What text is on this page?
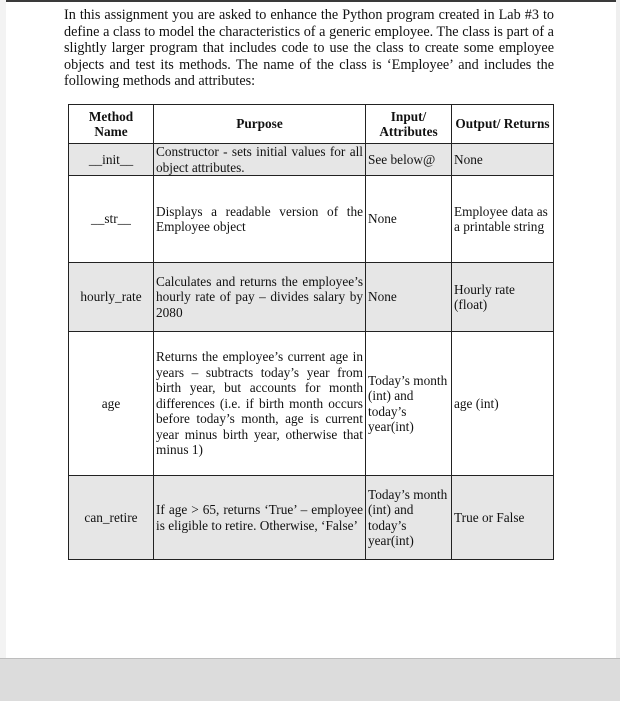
In this assignment you are asked to enhance the Python program created in Lab #3 to define a class to model the characteristics of a generic employee. The class is part of a slightly larger program that includes code to use the class to create some employee objects and test its methods. The name of the class is ‘Employee’ and includes the following methods and attributes:

Method Name	Purpose	Input/ Attributes	Output/ Returns
__init__	Constructor - sets initial values for all object attributes.	See below@	None
__str__	Displays a readable version of the Employee object	None	Employee data as a printable string
hourly_rate	Calculates and returns the employee’s hourly rate of pay – divides salary by 2080	None	Hourly rate (float)
age	Returns the employee’s current age in years – subtracts today’s year from birth year, but accounts for month differences (i.e. if birth month occurs before today’s month, age is current year minus birth year, otherwise that minus 1)	Today’s month (int) and today’s year(int)	age (int)
can_retire	If age > 65, returns ‘True’ – employee is eligible to retire. Otherwise, ‘False’	Today’s month (int) and today’s year(int)	True or False
